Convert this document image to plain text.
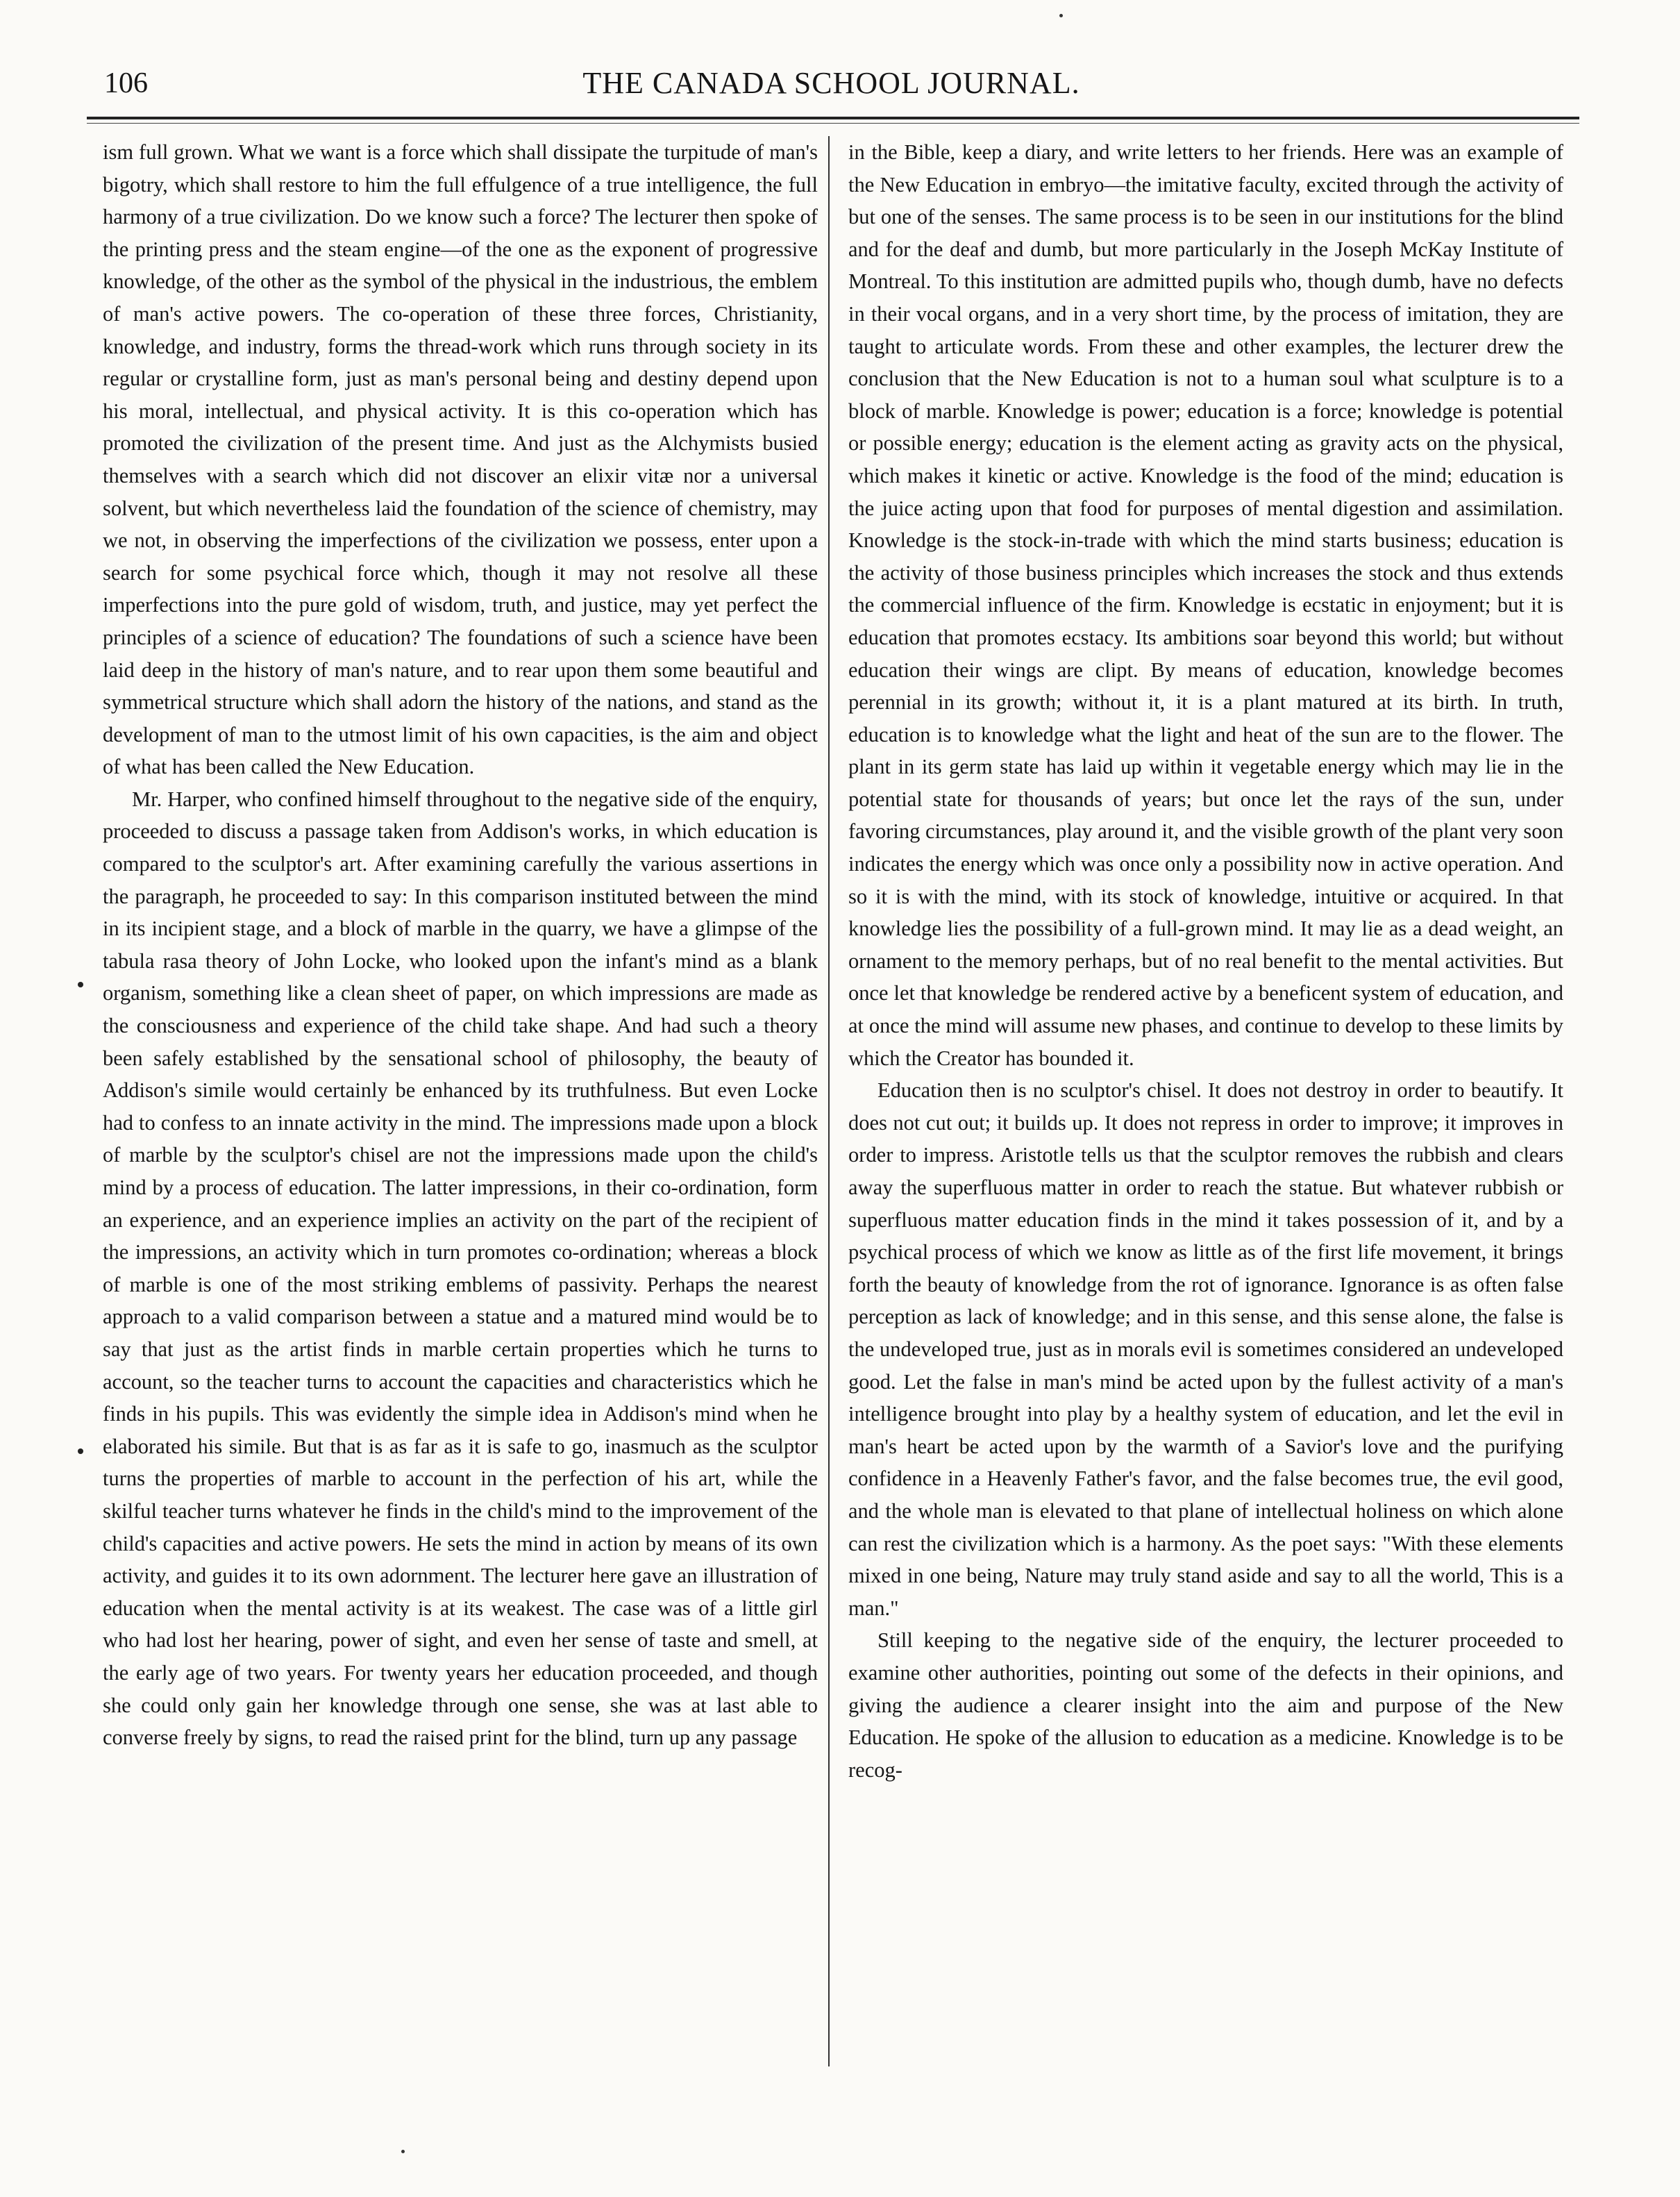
106	THE CANADA SCHOOL JOURNAL.

ism full grown. What we want is a force which shall dissipate the turpitude of man's bigotry, which shall restore to him the full effulgence of a true intelligence, the full harmony of a true civilization. Do we know such a force? The lecturer then spoke of the printing press and the steam engine—of the one as the exponent of progressive knowledge, of the other as the symbol of the physical in the industrious, the emblem of man's active powers. The co-operation of these three forces, Christianity, knowledge, and industry, forms the thread-work which runs through society in its regular or crystalline form, just as man's personal being and destiny depend upon his moral, intellectual, and physical activity. It is this co-operation which has promoted the civilization of the present time. And just as the Alchymists busied themselves with a search which did not discover an elixir vitæ nor a universal solvent, but which nevertheless laid the foundation of the science of chemistry, may we not, in observing the imperfections of the civilization we possess, enter upon a search for some psychical force which, though it may not resolve all these imperfections into the pure gold of wisdom, truth, and justice, may yet perfect the principles of a science of education? The foundations of such a science have been laid deep in the history of man's nature, and to rear upon them some beautiful and symmetrical structure which shall adorn the history of the nations, and stand as the development of man to the utmost limit of his own capacities, is the aim and object of what has been called the New Education.

Mr. Harper, who confined himself throughout to the negative side of the enquiry, proceeded to discuss a passage taken from Addison's works, in which education is compared to the sculptor's art. After examining carefully the various assertions in the paragraph, he proceeded to say: In this comparison instituted between the mind in its incipient stage, and a block of marble in the quarry, we have a glimpse of the tabula rasa theory of John Locke, who looked upon the infant's mind as a blank organism, something like a clean sheet of paper, on which impressions are made as the consciousness and experience of the child take shape. And had such a theory been safely established by the sensational school of philosophy, the beauty of Addison's simile would certainly be enhanced by its truthfulness. But even Locke had to confess to an innate activity in the mind. The impressions made upon a block of marble by the sculptor's chisel are not the impressions made upon the child's mind by a process of education. The latter impressions, in their co-ordination, form an experience, and an experience implies an activity on the part of the recipient of the impressions, an activity which in turn promotes co-ordination; whereas a block of marble is one of the most striking emblems of passivity. Perhaps the nearest approach to a valid comparison between a statue and a matured mind would be to say that just as the artist finds in marble certain properties which he turns to account, so the teacher turns to account the capacities and characteristics which he finds in his pupils. This was evidently the simple idea in Addison's mind when he elaborated his simile. But that is as far as it is safe to go, inasmuch as the sculptor turns the properties of marble to account in the perfection of his art, while the skilful teacher turns whatever he finds in the child's mind to the improvement of the child's capacities and active powers. He sets the mind in action by means of its own activity, and guides it to its own adornment. The lecturer here gave an illustration of education when the mental activity is at its weakest. The case was of a little girl who had lost her hearing, power of sight, and even her sense of taste and smell, at the early age of two years. For twenty years her education proceeded, and though she could only gain her knowledge through one sense, she was at last able to converse freely by signs, to read the raised print for the blind, turn up any passage

in the Bible, keep a diary, and write letters to her friends. Here was an example of the New Education in embryo—the imitative faculty, excited through the activity of but one of the senses. The same process is to be seen in our institutions for the blind and for the deaf and dumb, but more particularly in the Joseph McKay Institute of Montreal. To this institution are admitted pupils who, though dumb, have no defects in their vocal organs, and in a very short time, by the process of imitation, they are taught to articulate words. From these and other examples, the lecturer drew the conclusion that the New Education is not to a human soul what sculpture is to a block of marble. Knowledge is power; education is a force; knowledge is potential or possible energy; education is the element acting as gravity acts on the physical, which makes it kinetic or active. Knowledge is the food of the mind; education is the juice acting upon that food for purposes of mental digestion and assimilation. Knowledge is the stock-in-trade with which the mind starts business; education is the activity of those business principles which increases the stock and thus extends the commercial influence of the firm. Knowledge is ecstatic in enjoyment; but it is education that promotes ecstacy. Its ambitions soar beyond this world; but without education their wings are clipt. By means of education, knowledge becomes perennial in its growth; without it, it is a plant matured at its birth. In truth, education is to knowledge what the light and heat of the sun are to the flower. The plant in its germ state has laid up within it vegetable energy which may lie in the potential state for thousands of years; but once let the rays of the sun, under favoring circumstances, play around it, and the visible growth of the plant very soon indicates the energy which was once only a possibility now in active operation. And so it is with the mind, with its stock of knowledge, intuitive or acquired. In that knowledge lies the possibility of a full-grown mind. It may lie as a dead weight, an ornament to the memory perhaps, but of no real benefit to the mental activities. But once let that knowledge be rendered active by a beneficent system of education, and at once the mind will assume new phases, and continue to develop to these limits by which the Creator has bounded it.

Education then is no sculptor's chisel. It does not destroy in order to beautify. It does not cut out; it builds up. It does not repress in order to improve; it improves in order to impress. Aristotle tells us that the sculptor removes the rubbish and clears away the superfluous matter in order to reach the statue. But whatever rubbish or superfluous matter education finds in the mind it takes possession of it, and by a psychical process of which we know as little as of the first life movement, it brings forth the beauty of knowledge from the rot of ignorance. Ignorance is as often false perception as lack of knowledge; and in this sense, and this sense alone, the false is the undeveloped true, just as in morals evil is sometimes considered an undeveloped good. Let the false in man's mind be acted upon by the fullest activity of a man's intelligence brought into play by a healthy system of education, and let the evil in man's heart be acted upon by the warmth of a Savior's love and the purifying confidence in a Heavenly Father's favor, and the false becomes true, the evil good, and the whole man is elevated to that plane of intellectual holiness on which alone can rest the civilization which is a harmony. As the poet says: "With these elements mixed in one being, Nature may truly stand aside and say to all the world, This is a man."

Still keeping to the negative side of the enquiry, the lecturer proceeded to examine other authorities, pointing out some of the defects in their opinions, and giving the audience a clearer insight into the aim and purpose of the New Education. He spoke of the allusion to education as a medicine. Knowledge is to be recog-
